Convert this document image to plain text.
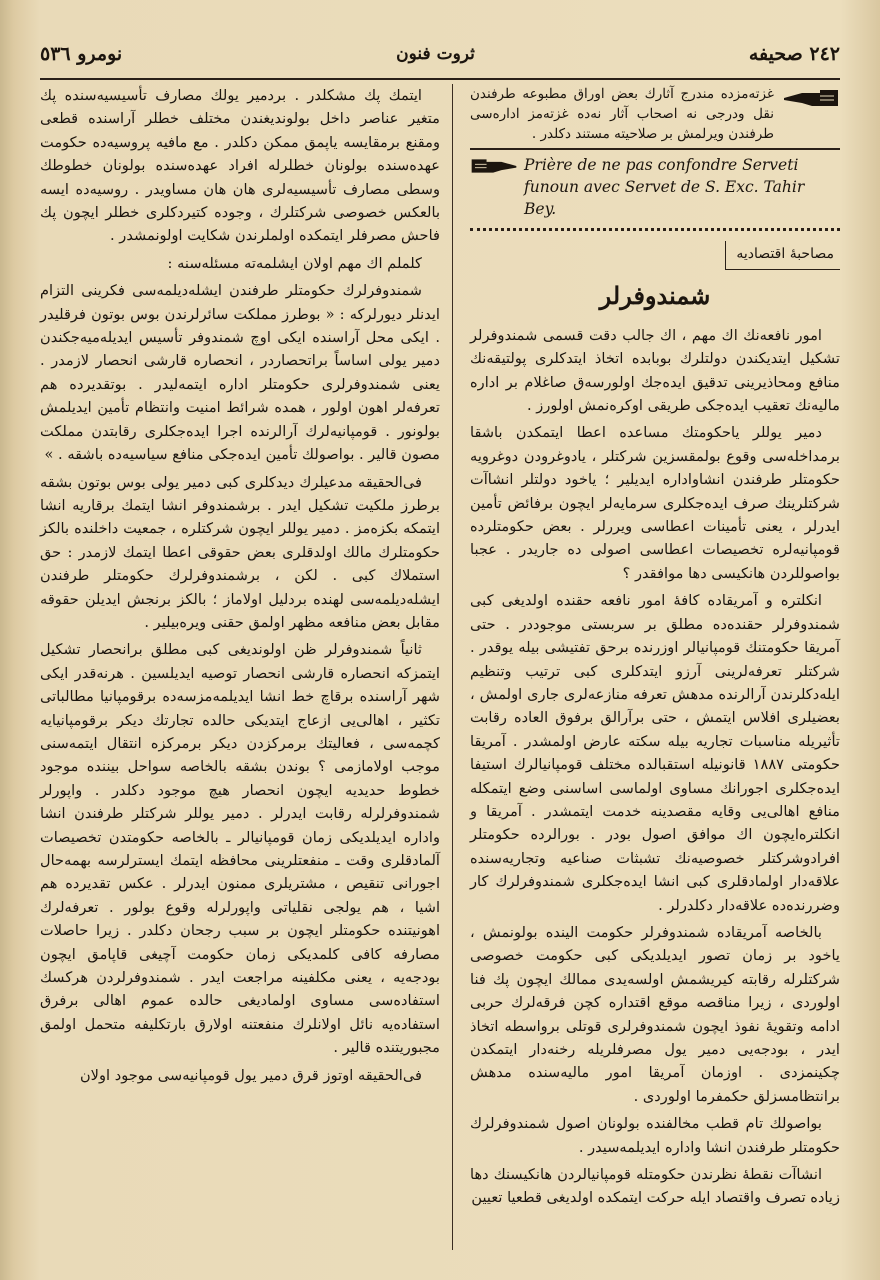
٢٤٢ صحيفه
ثروت فنون
نومرو ٥٣٦
غزته‌مزده مندرج آثارك بعض اوراق مطبوعه طرفندن نقل ودرجی نه اصحاب آثار نه‌ده غزته‌مز اداره‌سی طرفندن ویرلمش بر صلاحیته مستند دکلدر .
Prière de ne pas confondre Serveti funoun avec Servet de S. Exc. Tahir Bey.
مصاحبهٔ اقتصادیه
شمندوفرلر

امور نافعه‌نك اك مهم ، اك جالب دقت قسمی شمندوفرلر تشکیل ایتدیکندن دولتلرك بوبابده اتخاذ ایتدکلری پولتیقه‌نك منافع ومحاذیرینی تدقیق ایده‌جك اولورسه‌ق صاغلام بر اداره مالیه‌نك تعقیب ایده‌جکی طریقی اوکره‌نمش اولورز .

دمیر یوللر یاحکومتك مساعده اعطا ایتمکدن باشقا برمداخله‌سی وقوع بولمقسزین شرکتلر ، یادوغرودن دوغرویه حکومتلر طرفندن انشاواداره ایدیلیر ؛ یاخود دولتلر انشاآت شرکتلرینك صرف ایده‌جکلری سرمایه‌لر ایچون برفائض تأمین ایدرلر ، یعنی تأمینات اعطاسی ویررلر . بعض حکومتلرده قومپانیه‌لره تخصیصات اعطاسی اصولی ده جاریدر . عجبا بواصوللردن هانکیسی دها موافقدر ؟

انکلتره و آمریقاده کافهٔ امور نافعه حقنده اولدیغی کبی شمندوفرلر حقنده‌ده مطلق بر سربستی موجوددر . حتی آمریقا حکومتنك قومپانیالر اوزرنده برحق تفتیشی بیله یوقدر . شرکتلر تعرفه‌لرینی آرزو ایتدکلری کبی ترتیب وتنظیم ایله‌دکلرندن آرالرنده مدهش تعرفه منازعه‌لری جاری اولمش ، بعضیلری افلاس ایتمش ، حتی برآرالق برفوق العاده رقابت تأثیریله مناسبات تجاریه بیله سکته عارض اولمشدر . آمریقا حکومتی ١٨٨٧ قانونیله استقبالده مختلف قومپانیالرك استیفا ایده‌جکلری اجورانك مساوی اولماسی اساسنی وضع ایتمکله منافع اهالی‌یی وقایه مقصدینه خدمت ایتمشدر . آمریقا و انکلتره‌ایچون اك موافق اصول بودر . بورالرده حکومتلر افرادوشرکتلر خصوصیه‌نك تشبثات صناعیه وتجاریه‌سنده علاقه‌دار اولمادقلری کبی انشا ایده‌جکلری شمندوفرلرك کار وضررنده‌ده علاقه‌دار دکلدرلر .

بالخاصه آمریقاده شمندوفرلر حکومت الینده بولونمش ، یاخود بر زمان تصور ایدیلدیکی کبی حکومت خصوصی شرکتلرله رقابته کیریشمش اولسه‌یدی ممالك ایچون پك فنا اولوردی ، زیرا مناقصه موقع اقتداره کچن فرقه‌لرك حربی ادامه وتقویهٔ نفوذ ایچون شمندوفرلری قوتلی برواسطه اتخاذ ایدر ، بودجه‌یی دمیر یول مصرفلریله رخنه‌دار ایتمکدن چکینمزدی . اوزمان آمریقا امور مالیه‌سنده مدهش برانتظامسزلق حکمفرما اولوردی .

بواصولك تام قطب مخالفنده بولونان اصول شمندوفرلرك حکومتلر طرفندن انشا واداره ایدیلمه‌سیدر .

انشاآت نقطهٔ نظرندن حکومتله قومپانیالردن هانکیسنك دها زیاده تصرف واقتصاد ایله حرکت ایتمکده اولدیغی قطعیا تعیین

ایتمك پك مشکلدر . بردمیر یولك مصارف تأسیسیه‌سنده پك متغیر عناصر داخل بولوندیغندن مختلف خطلر آراسنده قطعی ومقنع برمقایسه یاپمق ممکن دکلدر . مع مافیه پروسیه‌ده حکومت عهده‌سنده بولونان خطلرله افراد عهده‌سنده بولونان خطوطك وسطی مصارف تأسیسیه‌لری هان هان مساویدر . روسیه‌ده ایسه بالعکس خصوصی شرکتلرك ، وجوده کتیردکلری خطلر ایچون پك فاحش مصرفلر ایتمکده اولملرندن شکایت اولونمشدر .

کلملم اك مهم اولان ایشلمه‌ته مسئله‌سنه :

شمندوفرلرك حکومتلر طرفندن ایشله‌دیلمه‌سی فکرینی التزام ایدنلر دیورلرکه : « بوطرز مملکت سائرلرندن بوس بوتون فرقلیدر . ایکی محل آراسنده ایکی اوچ شمندوفر تأسیس ایدیله‌میه‌جکندن دمیر یولی اساساً براتحصاردر ، انحصاره قارشی انحصار لازمدر . یعنی شمندوفرلری حکومتلر اداره ایتمه‌لیدر . بوتقدیرده هم تعرفه‌لر اهون اولور ، همده شرائط امنیت وانتظام تأمین ایدیلمش بولونور . قومپانیه‌لرك آرالرنده اجرا ایده‌جکلری رقابتدن مملکت مصون قالیر . بواصولك تأمین ایده‌جکی منافع سیاسیه‌ده باشقه . »

فی‌الحقیقه مدعیلرك دیدکلری کبی دمیر یولی بوس بوتون بشقه برطرز ملکیت تشکیل ایدر . برشمندوفر انشا ایتمك برقاریه انشا ایتمکه بکزه‌مز . دمیر یوللر ایچون شرکتلره ، جمعیت داخلنده بالکز حکومتلرك مالك اولدقلری بعض حقوقی اعطا ایتمك لازمدر : حق استملاك کبی . لکن ، برشمندوفرلرك حکومتلر طرفندن ایشله‌دیلمه‌سی لهنده بردلیل اولاماز ؛ بالکز برنجش ایدیلن حقوقه مقابل بعض منافعه مظهر اولمق حقنی ویره‌بیلیر .

ثانیاً شمندوفرلر ظن اولوندیغی کبی مطلق برانحصار تشکیل ایتمزکه انحصاره قارشی انحصار توصیه ایدیلسین . هرنه‌قدر ایکی شهر آراسنده برقاچ خط انشا ایدیلمه‌مزسه‌ده برقومپانیا مطالباتی تکثیر ، اهالی‌یی ازعاج ایتدیکی حالده تجارتك دیکر برقومپانیایه کچمه‌سی ، فعالیتك برمرکزدن دیکر برمرکزه انتقال ایتمه‌سنی موجب اولامازمی ؟ بوندن بشقه بالخاصه سواحل بیننده موجود خطوط حدیدیه ایچون انحصار هیچ موجود دکلدر . واپورلر شمندوفرلرله رقابت ایدرلر . دمیر یوللر شرکتلر طرفندن انشا واداره ایدیلدیکی زمان قومپانیالر ـ بالخاصه حکومتدن تخصیصات آلمادقلری وقت ـ منفعتلرینی محافظه ایتمك ایسترلرسه بهمه‌حال اجورانی تنقیص ، مشتریلری ممنون ایدرلر . عکس تقدیرده هم اشیا ، هم یولجی نقلیاتی واپورلرله وقوع بولور . تعرفه‌لرك اهونیتنده حکومتلر ایچون بر سبب رجحان دکلدر . زیرا حاصلات مصارفه کافی کلمدیکی زمان حکومت آچیغی قاپامق ایچون بودجه‌یه ، یعنی مکلفینه مراجعت ایدر . شمندوفرلردن هرکسك استفاده‌سی مساوی اولمادیغی حالده عموم اهالی برفرق استفاده‌یه نائل اولانلرك منفعتنه اولارق بارتکلیفه متحمل اولمق مجبوریتنده قالیر .

فی‌الحقیقه اوتوز قرق دمیر یول قومپانیه‌سی موجود اولان
